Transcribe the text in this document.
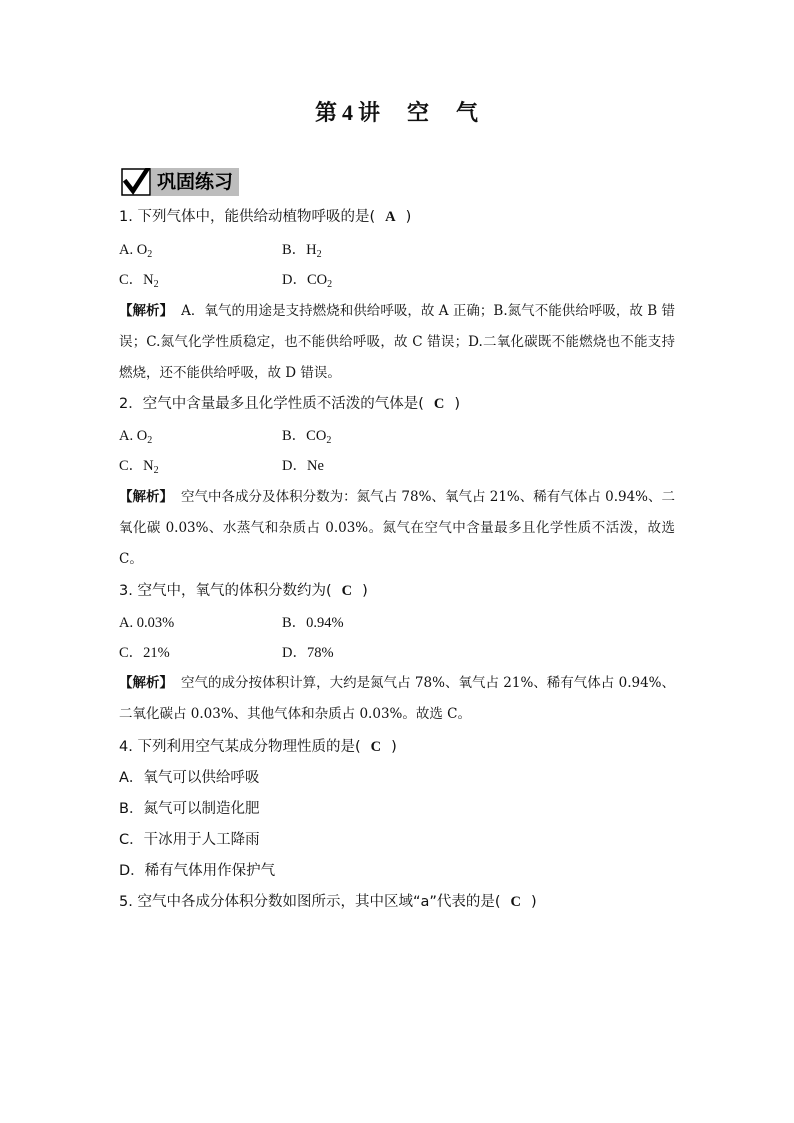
第 4 讲 空 气
巩固练习
1. 下列气体中，能供给动植物呼吸的是( A )
A. $O_2$	B．$H_2$
C．$N_2$	D．$CO_2$
【解析】 A．氧气的用途是支持燃烧和供给呼吸，故 A 正确；B.氮气不能供给呼吸，故 B 错误；C.氮气化学性质稳定，也不能供给呼吸，故 C 错误；D.二氧化碳既不能燃烧也不能支持燃烧，还不能供给呼吸，故 D 错误。
2．空气中含量最多且化学性质不活泼的气体是( C )
A. $O_2$	B．$CO_2$
C．$N_2$	D．Ne
【解析】 空气中各成分及体积分数为：氮气占 78%、氧气占 21%、稀有气体占 0.94%、二氧化碳 0.03%、水蒸气和杂质占 0.03%。氮气在空气中含量最多且化学性质不活泼，故选 C。
3. 空气中，氧气的体积分数约为( C )
A. 0.03%	B．0.94%
C．21%	D．78%
【解析】 空气的成分按体积计算，大约是氮气占 78%、氧气占 21%、稀有气体占 0.94%、二氧化碳占 0.03%、其他气体和杂质占 0.03%。故选 C。
4. 下列利用空气某成分物理性质的是( C )
A．氧气可以供给呼吸
B．氮气可以制造化肥
C．干冰用于人工降雨
D．稀有气体用作保护气
5. 空气中各成分体积分数如图所示，其中区域“a”代表的是( C )
